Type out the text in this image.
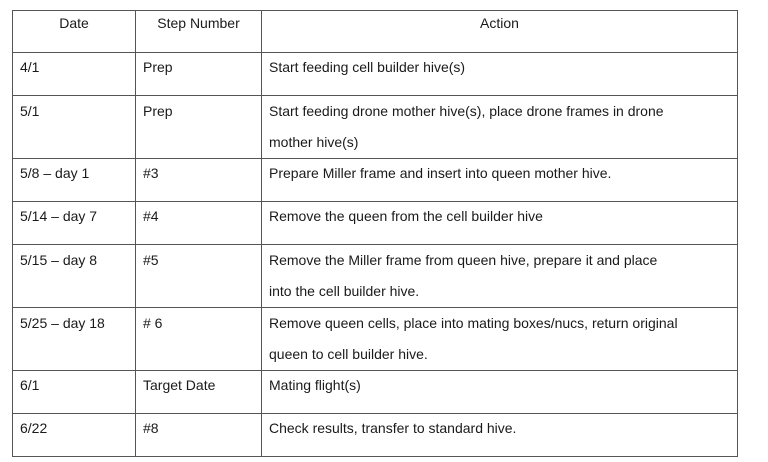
Date	Step Number	Action
4/1	Prep	Start feeding cell builder hive(s)

5/1	Prep	Start feeding drone mother hive(s), place drone frames in drone
mother hive(s)

5/8 – day 1	#3	Prepare Miller frame and insert into queen mother hive.

5/14 – day 7	#4	Remove the queen from the cell builder hive

5/15 – day 8	#5	Remove the Miller frame from queen hive, prepare it and place
into the cell builder hive.

5/25 – day 18	# 6	Remove queen cells, place into mating boxes/nucs, return original
queen to cell builder hive.

6/1	Target Date	Mating flight(s)

6/22	#8	Check results, transfer to standard hive.
